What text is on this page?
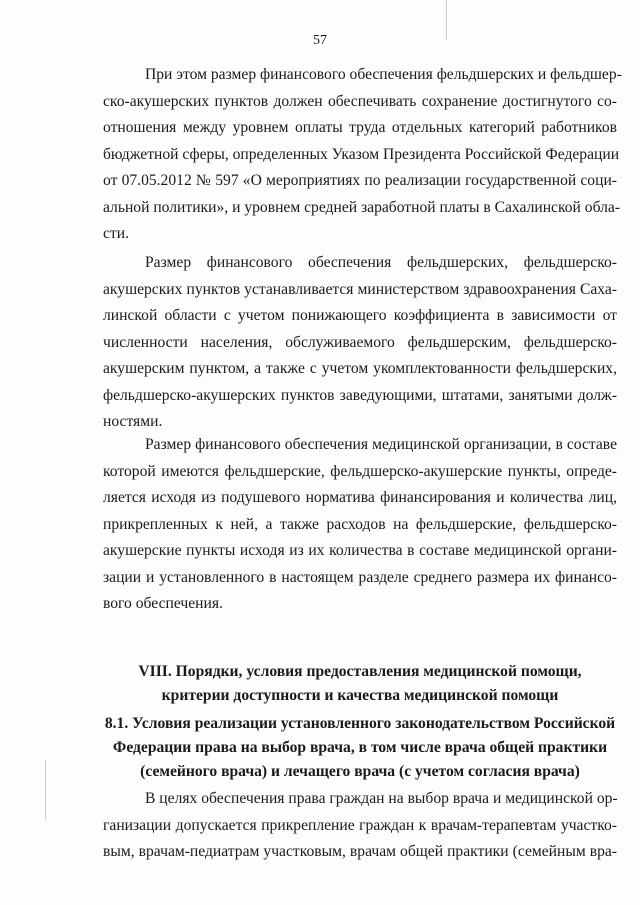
57
При этом размер финансового обеспечения фельдшерских и фельдшер-
ско-акушерских пунктов должен обеспечивать сохранение достигнутого со-
отношения между уровнем оплаты труда отдельных категорий работников
бюджетной сферы, определенных Указом Президента Российской Федерации
от 07.05.2012 № 597 «О мероприятиях по реализации государственной соци-
альной политики», и уровнем средней заработной платы в Сахалинской обла-
сти.
Размер финансового обеспечения фельдшерских, фельдшерско-
акушерских пунктов устанавливается министерством здравоохранения Саха-
линской области с учетом понижающего коэффициента в зависимости от
численности населения, обслуживаемого фельдшерским, фельдшерско-
акушерским пунктом, а также с учетом укомплектованности фельдшерских,
фельдшерско-акушерских пунктов заведующими, штатами, занятыми долж-
ностями.
Размер финансового обеспечения медицинской организации, в составе
которой имеются фельдшерские, фельдшерско-акушерские пункты, опреде-
ляется исходя из подушевого норматива финансирования и количества лиц,
прикрепленных к ней, а также расходов на фельдшерские, фельдшерско-
акушерские пункты исходя из их количества в составе медицинской органи-
зации и установленного в настоящем разделе среднего размера их финансо-
вого обеспечения.
VIII. Порядки, условия предоставления медицинской помощи,
критерии доступности и качества медицинской помощи
8.1. Условия реализации установленного законодательством Российской
Федерации права на выбор врача, в том числе врача общей практики
(семейного врача) и лечащего врача (с учетом согласия врача)
В целях обеспечения права граждан на выбор врача и медицинской ор-
ганизации допускается прикрепление граждан к врачам-терапевтам участко-
вым, врачам-педиатрам участковым, врачам общей практики (семейным вра-
